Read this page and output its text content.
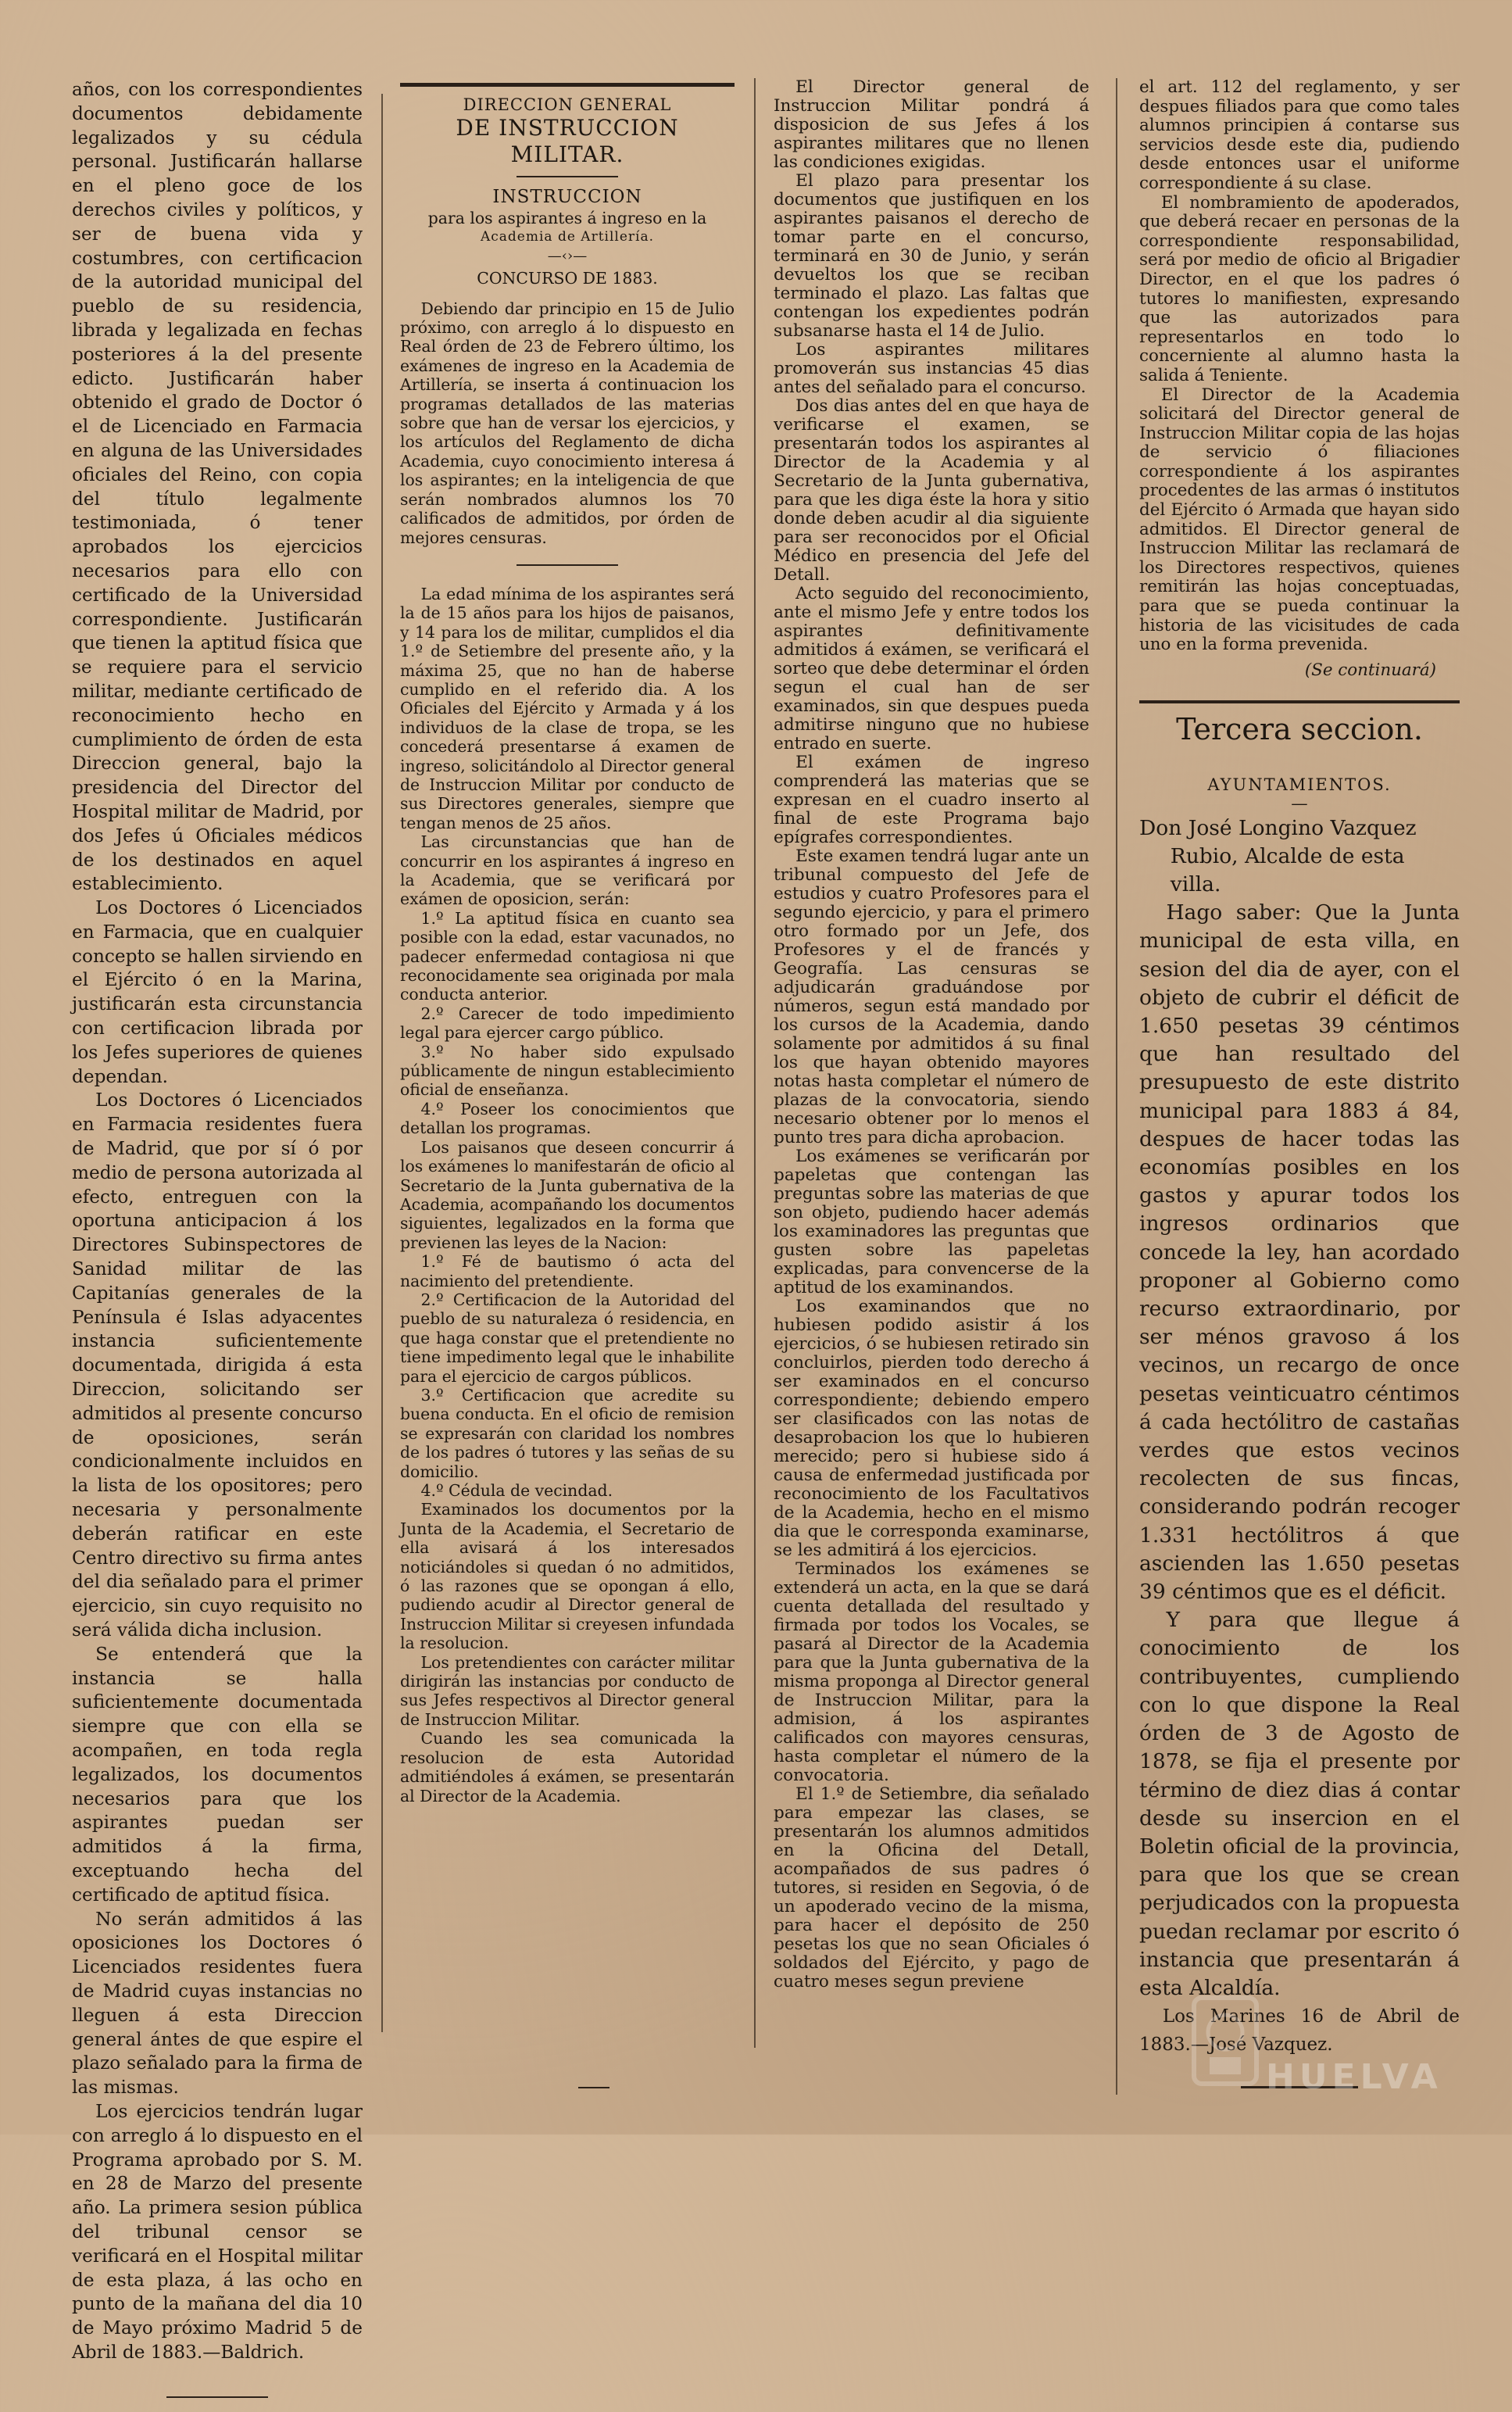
años, con los correspondientes documentos debidamente legalizados y su cédula personal. Justificarán hallarse en el pleno goce de los derechos civiles y políticos, y ser de buena vida y costumbres, con certificacion de la autoridad municipal del pueblo de su residencia, librada y legalizada en fechas posteriores á la del presente edicto. Justificarán haber obtenido el grado de Doctor ó el de Licenciado en Farmacia en alguna de las Universidades oficiales del Reino, con copia del título legalmente testimoniada, ó tener aprobados los ejercicios necesarios para ello con certificado de la Universidad correspondiente. Justificarán que tienen la aptitud física que se requiere para el servicio militar, mediante certificado de reconocimiento hecho en cumplimiento de órden de esta Direccion general, bajo la presidencia del Director del Hospital militar de Madrid, por dos Jefes ú Oficiales médicos de los destinados en aquel establecimiento.

Los Doctores ó Licenciados en Farmacia, que en cualquier concepto se hallen sirviendo en el Ejército ó en la Marina, justificarán esta circunstancia con certificacion librada por los Jefes superiores de quienes dependan.

Los Doctores ó Licenciados en Farmacia residentes fuera de Madrid, que por sí ó por medio de persona autorizada al efecto, entreguen con la oportuna anticipacion á los Directores Subinspectores de Sanidad militar de las Capitanías generales de la Península é Islas adyacentes instancia suficientemente documentada, dirigida á esta Direccion, solicitando ser admitidos al presente concurso de oposiciones, serán condicionalmente incluidos en la lista de los opositores; pero necesaria y personalmente deberán ratificar en este Centro directivo su firma antes del dia señalado para el primer ejercicio, sin cuyo requisito no será válida dicha inclusion.

Se entenderá que la instancia se halla suficientemente documentada siempre que con ella se acompañen, en toda regla legalizados, los documentos necesarios para que los aspirantes puedan ser admitidos á la firma, exceptuando hecha del certificado de aptitud física.

No serán admitidos á las oposiciones los Doctores ó Licenciados residentes fuera de Madrid cuyas instancias no lleguen á esta Direccion general ántes de que espire el plazo señalado para la firma de las mismas.

Los ejercicios tendrán lugar con arreglo á lo dispuesto en el Programa aprobado por S. M. en 28 de Marzo del presente año. La primera sesion pública del tribunal censor se verificará en el Hospital militar de esta plaza, á las ocho en punto de la mañana del dia 10 de Mayo próximo Madrid 5 de Abril de 1883.—Baldrich.

DIRECCION GENERAL

DE INSTRUCCION MILITAR.

INSTRUCCION

para los aspirantes á ingreso en la

Academia de Artillería.

—‹›—

CONCURSO DE 1883.

Debiendo dar principio en 15 de Julio próximo, con arreglo á lo dispuesto en Real órden de 23 de Febrero último, los exámenes de ingreso en la Academia de Artillería, se inserta á continuacion los programas detallados de las materias sobre que han de versar los ejercicios, y los artículos del Reglamento de dicha Academia, cuyo conocimiento interesa á los aspirantes; en la inteligencia de que serán nombrados alumnos los 70 calificados de admitidos, por órden de mejores censuras.

La edad mínima de los aspirantes será la de 15 años para los hijos de paisanos, y 14 para los de militar, cumplidos el dia 1.º de Setiembre del presente año, y la máxima 25, que no han de haberse cumplido en el referido dia. A los Oficiales del Ejército y Armada y á los individuos de la clase de tropa, se les concederá presentarse á examen de ingreso, solicitándolo al Director general de Instruccion Militar por conducto de sus Directores generales, siempre que tengan menos de 25 años.

Las circunstancias que han de concurrir en los aspirantes á ingreso en la Academia, que se verificará por exámen de oposicion, serán:

1.º La aptitud física en cuanto sea posible con la edad, estar vacunados, no padecer enfermedad contagiosa ni que reconocidamente sea originada por mala conducta anterior.

2.º Carecer de todo impedimiento legal para ejercer cargo público.

3.º No haber sido expulsado públicamente de ningun establecimiento oficial de enseñanza.

4.º Poseer los conocimientos que detallan los programas.

Los paisanos que deseen concurrir á los exámenes lo manifestarán de oficio al Secretario de la Junta gubernativa de la Academia, acompañando los documentos siguientes, legalizados en la forma que previenen las leyes de la Nacion:

1.º Fé de bautismo ó acta del nacimiento del pretendiente.

2.º Certificacion de la Autoridad del pueblo de su naturaleza ó residencia, en que haga constar que el pretendiente no tiene impedimento legal que le inhabilite para el ejercicio de cargos públicos.

3.º Certificacion que acredite su buena conducta. En el oficio de remision se expresarán con claridad los nombres de los padres ó tutores y las señas de su domicilio.

4.º Cédula de vecindad.

Examinados los documentos por la Junta de la Academia, el Secretario de ella avisará á los interesados noticiándoles si quedan ó no admitidos, ó las razones que se opongan á ello, pudiendo acudir al Director general de Instruccion Militar si creyesen infundada la resolucion.

Los pretendientes con carácter militar dirigirán las instancias por conducto de sus Jefes respectivos al Director general de Instruccion Militar.

Cuando les sea comunicada la resolucion de esta Autoridad admitiéndoles á exámen, se presentarán al Director de la Academia.

El Director general de Instruccion Militar pondrá á disposicion de sus Jefes á los aspirantes militares que no llenen las condiciones exigidas.

El plazo para presentar los documentos que justifiquen en los aspirantes paisanos el derecho de tomar parte en el concurso, terminará en 30 de Junio, y serán devueltos los que se reciban terminado el plazo. Las faltas que contengan los expedientes podrán subsanarse hasta el 14 de Julio.

Los aspirantes militares promoverán sus instancias 45 dias antes del señalado para el concurso.

Dos dias antes del en que haya de verificarse el examen, se presentarán todos los aspirantes al Director de la Academia y al Secretario de la Junta gubernativa, para que les diga éste la hora y sitio donde deben acudir al dia siguiente para ser reconocidos por el Oficial Médico en presencia del Jefe del Detall.

Acto seguido del reconocimiento, ante el mismo Jefe y entre todos los aspirantes definitivamente admitidos á exámen, se verificará el sorteo que debe determinar el órden segun el cual han de ser examinados, sin que despues pueda admitirse ninguno que no hubiese entrado en suerte.

El exámen de ingreso comprenderá las materias que se expresan en el cuadro inserto al final de este Programa bajo epígrafes correspondientes.

Este examen tendrá lugar ante un tribunal compuesto del Jefe de estudios y cuatro Profesores para el segundo ejercicio, y para el primero otro formado por un Jefe, dos Profesores y el de francés y Geografía. Las censuras se adjudicarán graduándose por números, segun está mandado por los cursos de la Academia, dando solamente por admitidos á su final los que hayan obtenido mayores notas hasta completar el número de plazas de la convocatoria, siendo necesario obtener por lo menos el punto tres para dicha aprobacion.

Los exámenes se verificarán por papeletas que contengan las preguntas sobre las materias de que son objeto, pudiendo hacer además los examinadores las preguntas que gusten sobre las papeletas explicadas, para convencerse de la aptitud de los examinandos.

Los examinandos que no hubiesen podido asistir á los ejercicios, ó se hubiesen retirado sin concluirlos, pierden todo derecho á ser examinados en el concurso correspondiente; debiendo empero ser clasificados con las notas de desaprobacion los que lo hubieren merecido; pero si hubiese sido á causa de enfermedad justificada por reconocimiento de los Facultativos de la Academia, hecho en el mismo dia que le corresponda examinarse, se les admitirá á los ejercicios.

Terminados los exámenes se extenderá un acta, en la que se dará cuenta detallada del resultado y firmada por todos los Vocales, se pasará al Director de la Academia para que la Junta gubernativa de la misma proponga al Director general de Instruccion Militar, para la admision, á los aspirantes calificados con mayores censuras, hasta completar el número de la convocatoria.

El 1.º de Setiembre, dia señalado para empezar las clases, se presentarán los alumnos admitidos en la Oficina del Detall, acompañados de sus padres ó tutores, si residen en Segovia, ó de un apoderado vecino de la misma, para hacer el depósito de 250 pesetas los que no sean Oficiales ó soldados del Ejército, y pago de cuatro meses segun previene

el art. 112 del reglamento, y ser despues filiados para que como tales alumnos principien á contarse sus servicios desde este dia, pudiendo desde entonces usar el uniforme correspondiente á su clase.

El nombramiento de apoderados, que deberá recaer en personas de la correspondiente responsabilidad, será por medio de oficio al Brigadier Director, en el que los padres ó tutores lo manifiesten, expresando que las autorizados para representarlos en todo lo concerniente al alumno hasta la salida á Teniente.

El Director de la Academia solicitará del Director general de Instruccion Militar copia de las hojas de servicio ó filiaciones correspondiente á los aspirantes procedentes de las armas ó institutos del Ejército ó Armada que hayan sido admitidos. El Director general de Instruccion Militar las reclamará de los Directores respectivos, quienes remitirán las hojas conceptuadas, para que se pueda continuar la historia de las vicisitudes de cada uno en la forma prevenida.

(Se continuará)

Tercera seccion.

AYUNTAMIENTOS.

—

Don José Longino Vazquez Rubio, Alcalde de esta villa.

Hago saber: Que la Junta municipal de esta villa, en sesion del dia de ayer, con el objeto de cubrir el déficit de 1.650 pesetas 39 céntimos que han resultado del presupuesto de este distrito municipal para 1883 á 84, despues de hacer todas las economías posibles en los gastos y apurar todos los ingresos ordinarios que concede la ley, han acordado proponer al Gobierno como recurso extraordinario, por ser ménos gravoso á los vecinos, un recargo de once pesetas veinticuatro céntimos á cada hectólitro de castañas verdes que estos vecinos recolecten de sus fincas, considerando podrán recoger 1.331 hectólitros á que ascienden las 1.650 pesetas 39 céntimos que es el déficit.

Y para que llegue á conocimiento de los contribuyentes, cumpliendo con lo que dispone la Real órden de 3 de Agosto de 1878, se fija el presente por término de diez dias á contar desde su insercion en el Boletin oficial de la provincia, para que los que se crean perjudicados con la propuesta puedan reclamar por escrito ó instancia que presentarán á esta Alcaldía.

Los Marines 16 de Abril de 1883.—José Vazquez.

HUELVA
